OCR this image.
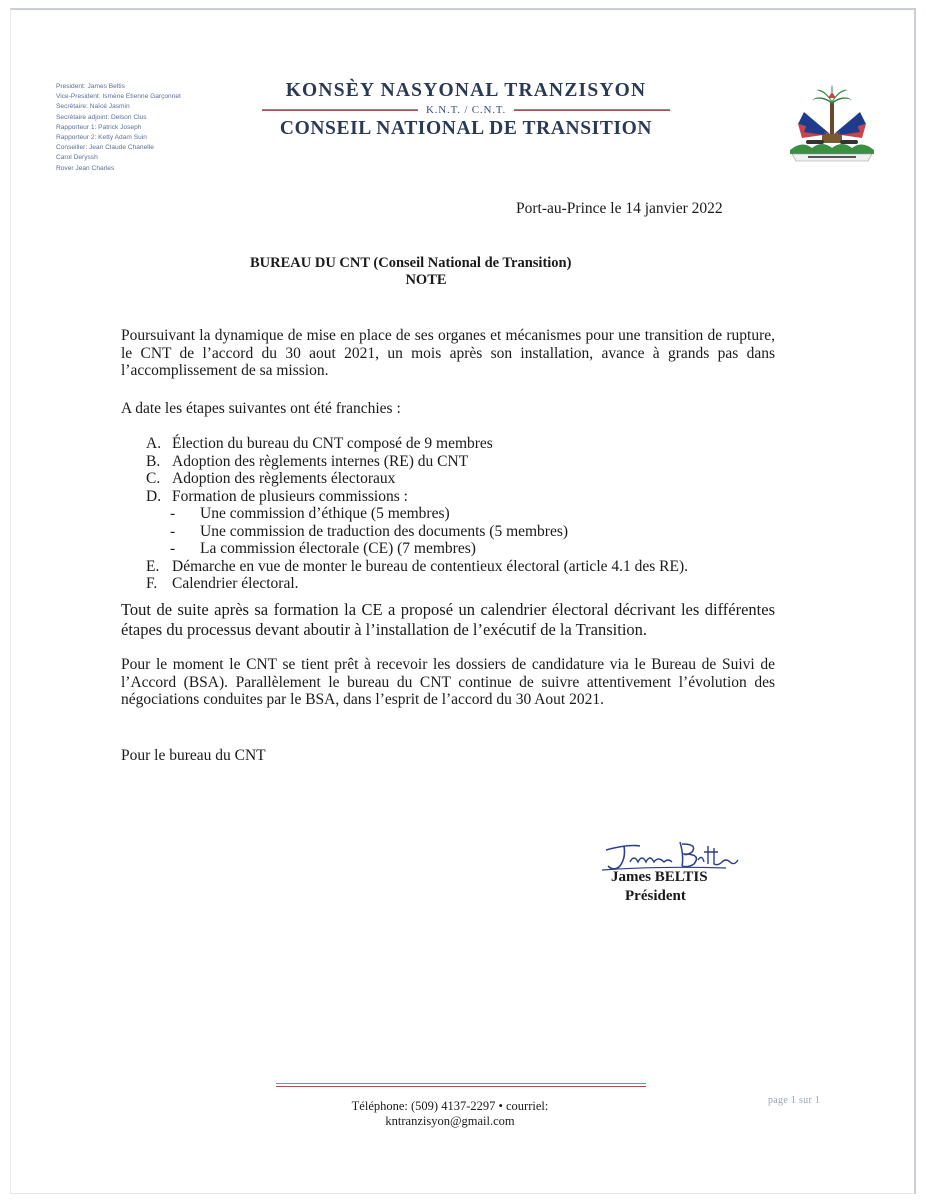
President: James Beltis
Vice-President: Ismène Etienne Garçonnet
Secrétaire: Naïcé Jasmin
Secrétaire adjoint: Delson Clus
Rapporteur 1: Patrick Joseph
Rapporteur 2: Ketty Adam Suin
Conseiller: Jean Claude Chanelle
Carol Deryssh
Rover Jean Charles
KONSÈY NASYONAL TRANZISYON
K.N.T. / C.N.T.
CONSEIL NATIONAL DE TRANSITION
Port-au-Prince le 14 janvier 2022
BUREAU DU CNT (Conseil National de Transition)
NOTE
Poursuivant la dynamique de mise en place de ses organes et mécanismes pour une transition de rupture, le CNT de l’accord du 30 aout 2021, un mois après son installation, avance à grands pas dans l’accomplissement de sa mission.
A date les étapes suivantes ont été franchies :
A. Élection du bureau du CNT composé de 9 membres
B. Adoption des règlements internes (RE) du CNT
C. Adoption des règlements électoraux
D. Formation de plusieurs commissions :
-	Une commission d’éthique (5 membres)
-	Une commission de traduction des documents (5 membres)
-	La commission électorale (CE) (7 membres)
E. Démarche en vue de monter le bureau de contentieux électoral (article 4.1 des RE).
F. Calendrier électoral.
Tout de suite après sa formation la CE a proposé un calendrier électoral décrivant les différentes étapes du processus devant aboutir à l’installation de l’exécutif de la Transition.
Pour le moment le CNT se tient prêt à recevoir les dossiers de candidature via le Bureau de Suivi de l’Accord (BSA). Parallèlement le bureau du CNT continue de suivre attentivement l’évolution des négociations conduites par le BSA, dans l’esprit de l’accord du 30 Aout 2021.
Pour le bureau du CNT
James BELTIS
Président
Téléphone: (509) 4137-2297 • courriel:
kntranzisyon@gmail.com
page 1 sur 1
